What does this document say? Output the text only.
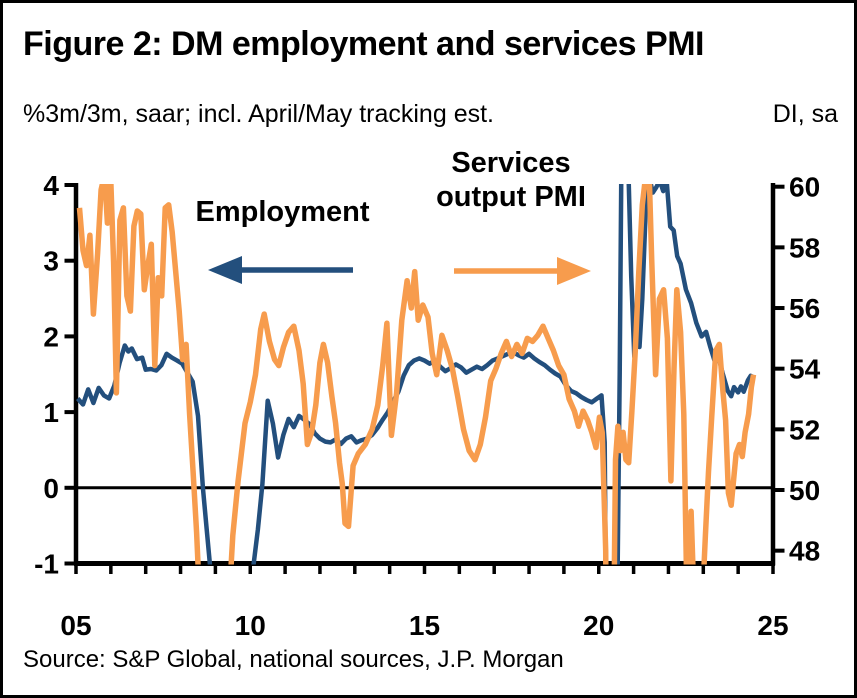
Figure 2: DM employment and services PMI
%3m/3m, saar; incl. April/May tracking est.	DI, sa
4
3
2
1
0
-1
60
58
56
54
52
50
48
05	10	15	20	25
Employment
Services
output PMI
Source: S&P Global, national sources, J.P. Morgan
